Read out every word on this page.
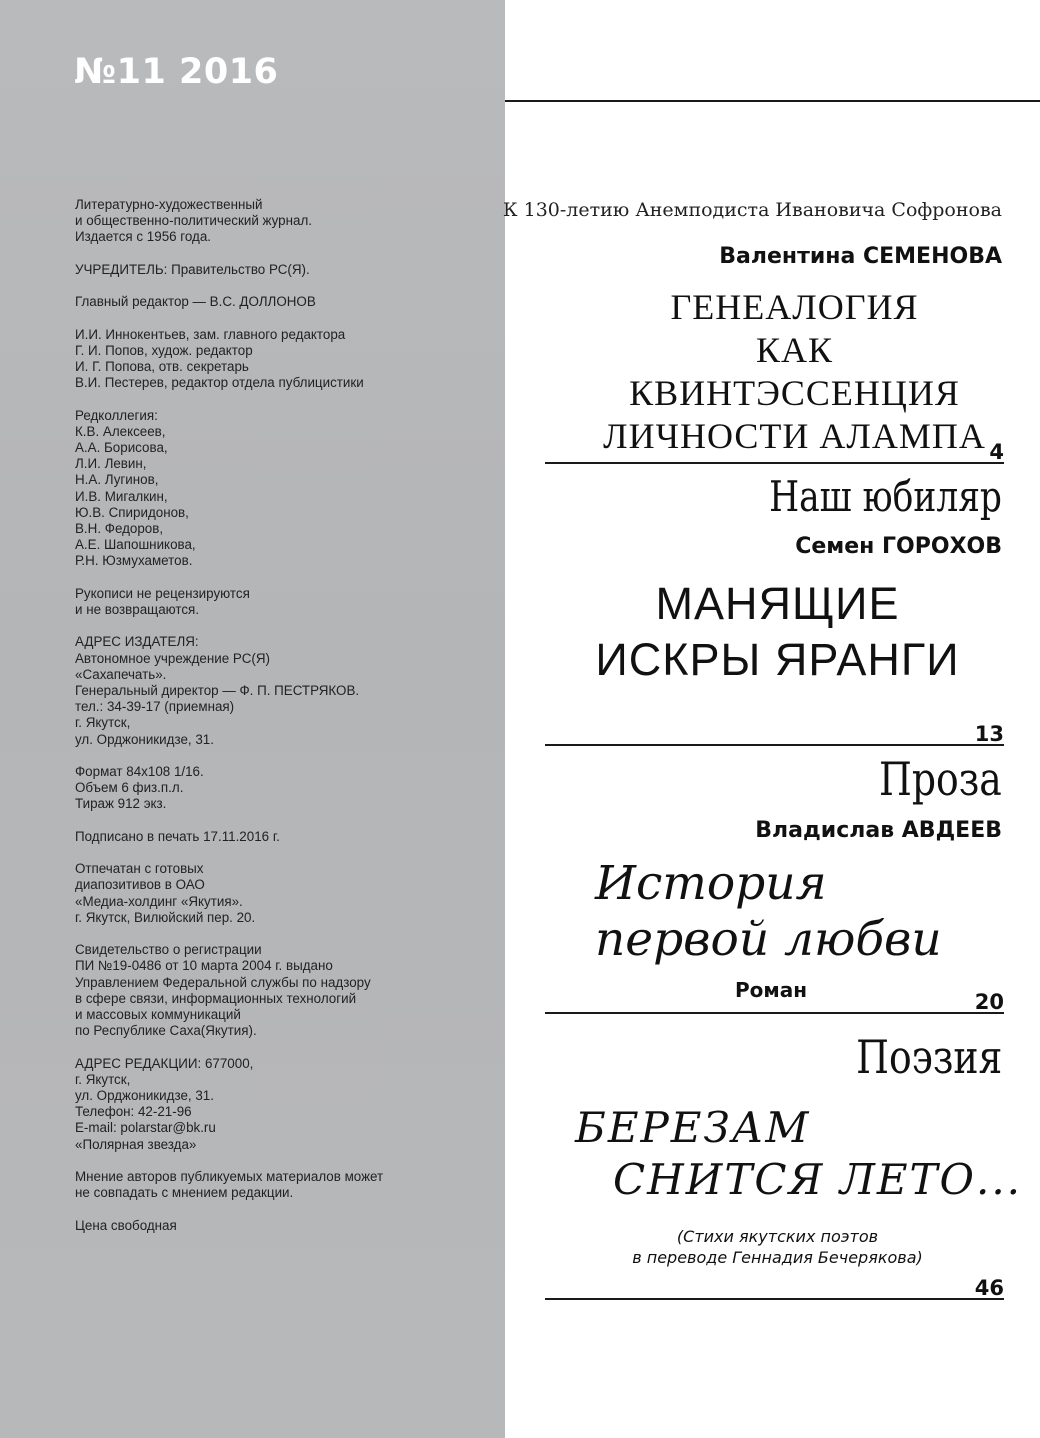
№11 2016
Литературно-художественный
и общественно-политический журнал.
Издается с 1956 года.
УЧРЕДИТЕЛЬ: Правительство РС(Я).
Главный редактор — В.С. ДОЛЛОНОВ
И.И. Иннокентьев, зам. главного редактора
Г. И. Попов, худож. редактор
И. Г. Попова, отв. секретарь
В.И. Пестерев, редактор отдела публицистики
Редколлегия:
К.В. Алексеев,
А.А. Борисова,
Л.И. Левин,
Н.А. Лугинов,
И.В. Мигалкин,
Ю.В. Спиридонов,
В.Н. Федоров,
А.Е. Шапошникова,
Р.Н. Юзмухаметов.
Рукописи не рецензируются
и не возвращаются.
АДРЕС ИЗДАТЕЛЯ:
Автономное учреждение РС(Я)
«Сахапечать».
Генеральный директор — Ф. П. ПЕСТРЯКОВ.
тел.: 34-39-17 (приемная)
г. Якутск,
ул. Орджоникидзе, 31.
Формат 84х108 1/16.
Объем 6 физ.п.л.
Тираж 912 экз.
Подписано в печать 17.11.2016 г.
Отпечатан с готовых
диапозитивов в ОАО
«Медиа-холдинг «Якутия».
г. Якутск, Вилюйский пер. 20.
Свидетельство о регистрации
ПИ №19-0486 от 10 марта 2004 г. выдано
Управлением Федеральной службы по надзору
в сфере связи, информационных технологий
и массовых коммуникаций
по Республике Саха(Якутия).
АДРЕС РЕДАКЦИИ: 677000,
г. Якутск,
ул. Орджоникидзе, 31.
Телефон: 42-21-96
E-mail: polarstar@bk.ru
«Полярная звезда»
Мнение авторов публикуемых материалов может
не совпадать с мнением редакции.
Цена свободная

К 130-летию Анемподиста Ивановича Софронова

Валентина СЕМЕНОВА

ГЕНЕАЛОГИЯ
КАК
КВИНТЭССЕНЦИЯ
ЛИЧНОСТИ АЛАМПА 4

Наш юбиляр

Семен ГОРОХОВ

МАНЯЩИЕ
ИСКРЫ ЯРАНГИ
13

Проза

Владислав АВДЕЕВ

История
первой любви

Роман	20

Поэзия

БЕРЕЗАМ
СНИТСЯ ЛЕТО...
(Стихи якутских поэтов
в переводе Геннадия Бечерякова)
46
